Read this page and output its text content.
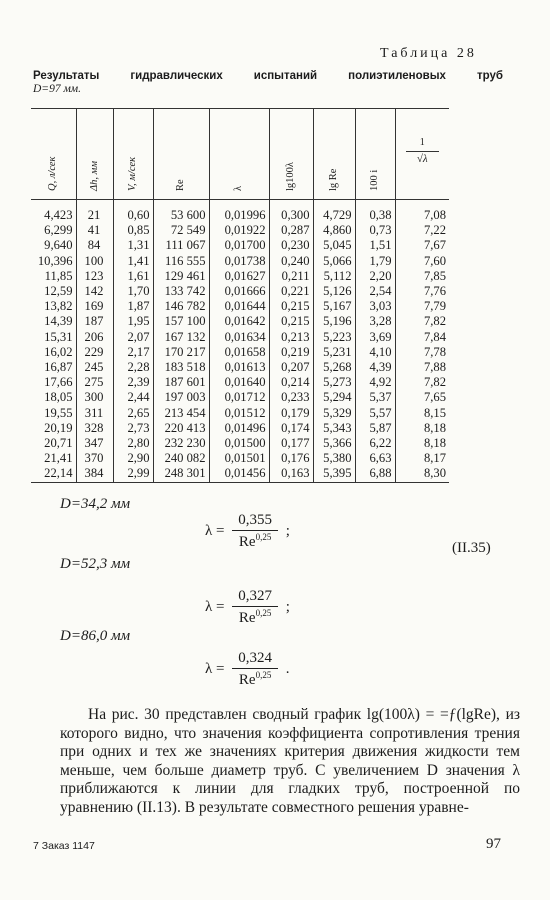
Таблица 28
Результаты	гидравлических	испытаний	полиэтиленовых	труб
D=97 мм.
Q, л/сек	Δh, мм	V, м/сек	Re	λ	lg100λ	lg Re	100 i	1
√λ

4,423	21	0,60	53 600	0,01996	0,300	4,729	0,38	7,08
6,299	41	0,85	72 549	0,01922	0,287	4,860	0,73	7,22
9,640	84	1,31	111 067	0,01700	0,230	5,045	1,51	7,67
10,396	100	1,41	116 555	0,01738	0,240	5,066	1,79	7,60
11,85	123	1,61	129 461	0,01627	0,211	5,112	2,20	7,85
12,59	142	1,70	133 742	0,01666	0,221	5,126	2,54	7,76
13,82	169	1,87	146 782	0,01644	0,215	5,167	3,03	7,79
14,39	187	1,95	157 100	0,01642	0,215	5,196	3,28	7,82
15,31	206	2,07	167 132	0,01634	0,213	5,223	3,69	7,84
16,02	229	2,17	170 217	0,01658	0,219	5,231	4,10	7,78
16,87	245	2,28	183 518	0,01613	0,207	5,268	4,39	7,88
17,66	275	2,39	187 601	0,01640	0,214	5,273	4,92	7,82
18,05	300	2,44	197 003	0,01712	0,233	5,294	5,37	7,65
19,55	311	2,65	213 454	0,01512	0,179	5,329	5,57	8,15
20,19	328	2,73	220 413	0,01496	0,174	5,343	5,87	8,18
20,71	347	2,80	232 230	0,01500	0,177	5,366	6,22	8,18
21,41	370	2,90	240 082	0,01501	0,176	5,380	6,63	8,17
22,14	384	2,99	248 301	0,01456	0,163	5,395	6,88	8,30
D=34,2 мм
$\lambda = \frac{0,355}{Re^{0,25}}$ ;
(II.35)
D=52,3 мм
$\lambda = \frac{0,327}{Re^{0,25}}$ ;
D=86,0 мм
$\lambda = \frac{0,324}{Re^{0,25}}$ .

На рис. 30 представлен сводный график lg(100λ) = =ƒ(lgRe), из которого видно, что значения коэффициента сопротивления трения при одних и тех же значениях критерия движения жидкости тем меньше, чем больше диаметр труб. С увеличением D значения λ приближаются к линии для гладких труб, построенной по уравнению (II.13). В результате совместного решения уравне-

7 Заказ 1147	97
